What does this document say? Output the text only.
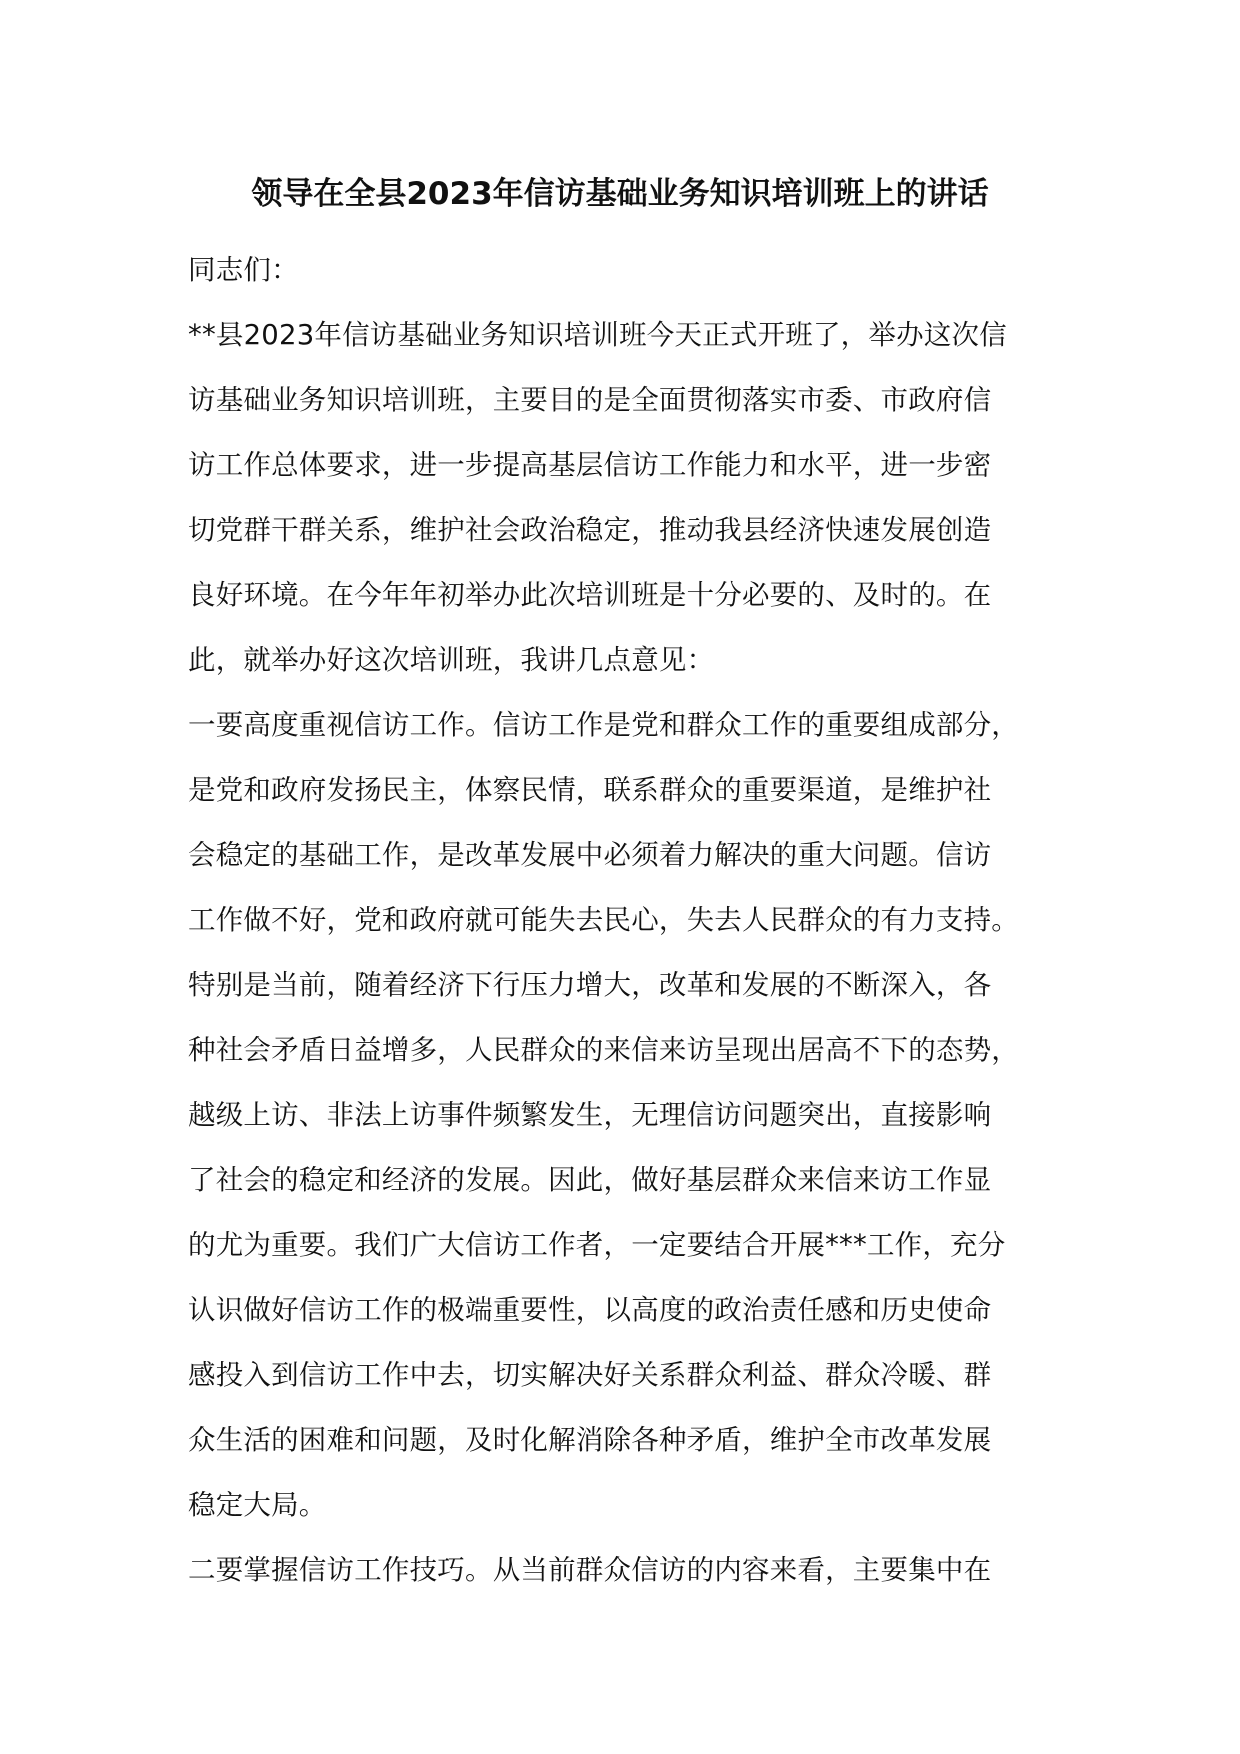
领导在全县2023年信访基础业务知识培训班上的讲话
同志们：
**县2023年信访基础业务知识培训班今天正式开班了，举办这次信
访基础业务知识培训班，主要目的是全面贯彻落实市委、市政府信
访工作总体要求，进一步提高基层信访工作能力和水平，进一步密
切党群干群关系，维护社会政治稳定，推动我县经济快速发展创造
良好环境。在今年年初举办此次培训班是十分必要的、及时的。在
此，就举办好这次培训班，我讲几点意见：
一要高度重视信访工作。信访工作是党和群众工作的重要组成部分，
是党和政府发扬民主，体察民情，联系群众的重要渠道，是维护社
会稳定的基础工作，是改革发展中必须着力解决的重大问题。信访
工作做不好，党和政府就可能失去民心，失去人民群众的有力支持。
特别是当前，随着经济下行压力增大，改革和发展的不断深入，各
种社会矛盾日益增多，人民群众的来信来访呈现出居高不下的态势，
越级上访、非法上访事件频繁发生，无理信访问题突出，直接影响
了社会的稳定和经济的发展。因此，做好基层群众来信来访工作显
的尤为重要。我们广大信访工作者，一定要结合开展***工作，充分
认识做好信访工作的极端重要性，以高度的政治责任感和历史使命
感投入到信访工作中去，切实解决好关系群众利益、群众冷暖、群
众生活的困难和问题，及时化解消除各种矛盾，维护全市改革发展
稳定大局。
二要掌握信访工作技巧。从当前群众信访的内容来看，主要集中在
